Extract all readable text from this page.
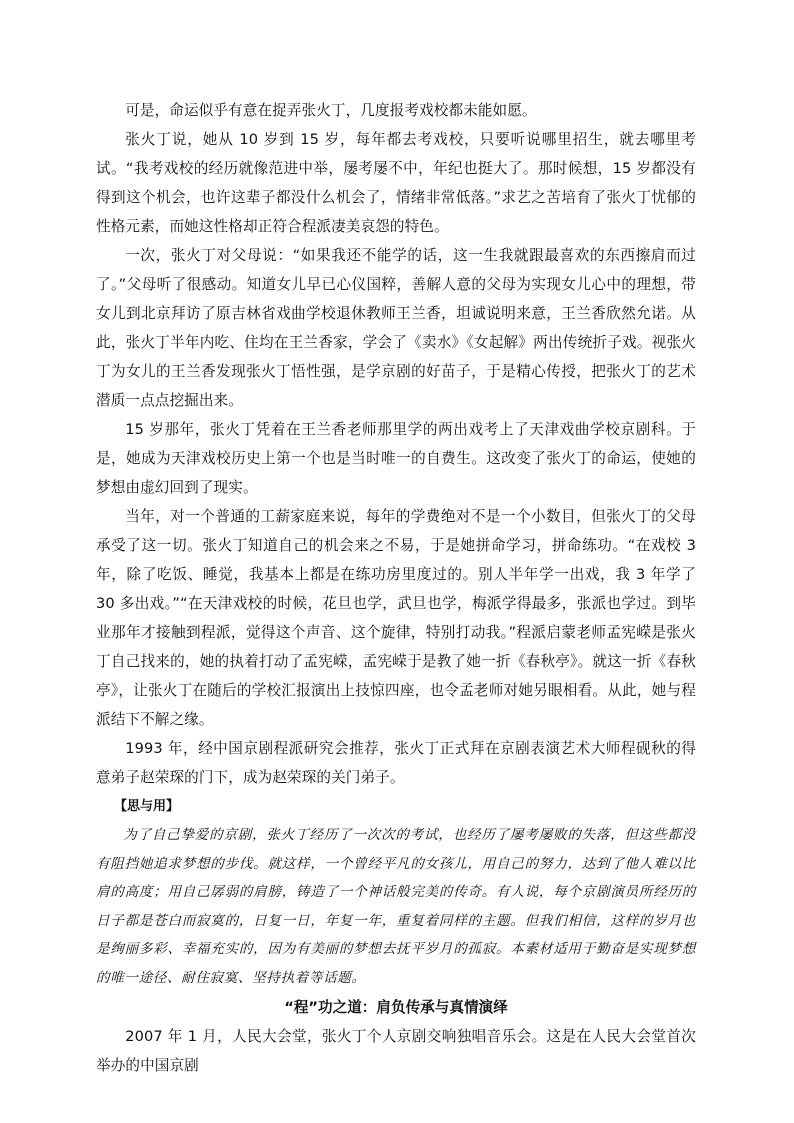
可是，命运似乎有意在捉弄张火丁，几度报考戏校都未能如愿。

张火丁说，她从 10 岁到 15 岁，每年都去考戏校，只要听说哪里招生，就去哪里考试。“我考戏校的经历就像范进中举，屡考屡不中，年纪也挺大了。那时候想，15 岁都没有得到这个机会，也许这辈子都没什么机会了，情绪非常低落。”求艺之苦培育了张火丁忧郁的性格元素，而她这性格却正符合程派凄美哀怨的特色。

一次，张火丁对父母说：“如果我还不能学的话，这一生我就跟最喜欢的东西擦肩而过了。”父母听了很感动。知道女儿早已心仪国粹，善解人意的父母为实现女儿心中的理想，带女儿到北京拜访了原吉林省戏曲学校退休教师王兰香，坦诚说明来意，王兰香欣然允诺。从此，张火丁半年内吃、住均在王兰香家，学会了《卖水》《女起解》两出传统折子戏。视张火丁为女儿的王兰香发现张火丁悟性强，是学京剧的好苗子，于是精心传授，把张火丁的艺术潜质一点点挖掘出来。

15 岁那年，张火丁凭着在王兰香老师那里学的两出戏考上了天津戏曲学校京剧科。于是，她成为天津戏校历史上第一个也是当时唯一的自费生。这改变了张火丁的命运，使她的梦想由虚幻回到了现实。

当年，对一个普通的工薪家庭来说，每年的学费绝对不是一个小数目，但张火丁的父母承受了这一切。张火丁知道自己的机会来之不易，于是她拼命学习，拼命练功。“在戏校 3 年，除了吃饭、睡觉，我基本上都是在练功房里度过的。别人半年学一出戏，我 3 年学了 30 多出戏。”“在天津戏校的时候，花旦也学，武旦也学，梅派学得最多，张派也学过。到毕业那年才接触到程派，觉得这个声音、这个旋律，特别打动我。”程派启蒙老师孟宪嵘是张火丁自己找来的，她的执着打动了孟宪嵘，孟宪嵘于是教了她一折《春秋亭》。就这一折《春秋亭》，让张火丁在随后的学校汇报演出上技惊四座，也令孟老师对她另眼相看。从此，她与程派结下不解之缘。

1993 年，经中国京剧程派研究会推荐，张火丁正式拜在京剧表演艺术大师程砚秋的得意弟子赵荣琛的门下，成为赵荣琛的关门弟子。

【思与用】

为了自己挚爱的京剧，张火丁经历了一次次的考试，也经历了屡考屡败的失落，但这些都没有阻挡她追求梦想的步伐。就这样，一个曾经平凡的女孩儿，用自己的努力，达到了他人难以比肩的高度；用自己孱弱的肩膀，铸造了一个神话般完美的传奇。有人说，每个京剧演员所经历的日子都是苍白而寂寞的，日复一日，年复一年，重复着同样的主题。但我们相信，这样的岁月也是绚丽多彩、幸福充实的，因为有美丽的梦想去抚平岁月的孤寂。本素材适用于勤奋是实现梦想的唯一途径、耐住寂寞、坚持执着等话题。

“程”功之道：肩负传承与真情演绎

2007 年 1 月，人民大会堂，张火丁个人京剧交响独唱音乐会。这是在人民大会堂首次举办的中国京剧
